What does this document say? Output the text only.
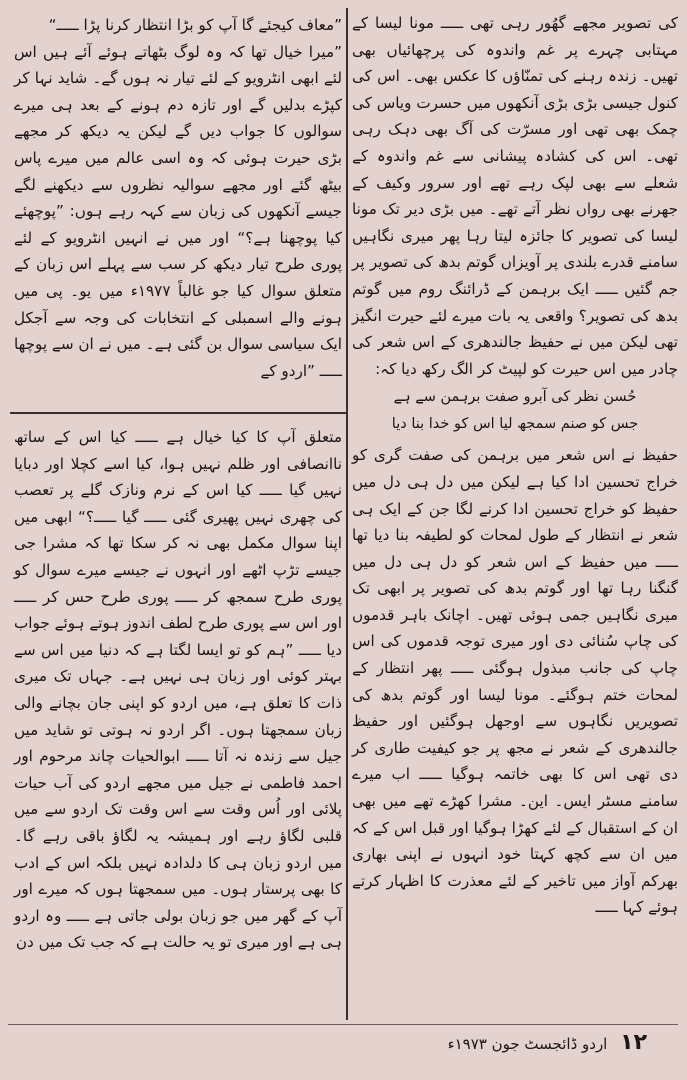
کی تصویر مجھے گھُور رہی تھی ـــــ مونا لیسا کے مہتابی چہرے پر غم واندوہ کی پرچھائیاں بھی تھیں۔ زندہ رہنے کی تمنّاؤں کا عکس بھی۔ اس کی کنول جیسی بڑی بڑی آنکھوں میں حسرت ویاس کی چمک بھی تھی اور مسرّت کی آگ بھی دہک رہی تھی۔ اس کی کشادہ پیشانی سے غم واندوہ کے شعلے سے بھی لپک رہے تھے اور سرور وکیف کے جھرنے بھی رواں نظر آتے تھے۔ میں بڑی دیر تک مونا لیسا کی تصویر کا جائزہ لیتا رہا پھر میری نگاہیں سامنے قدرے بلندی پر آویزاں گوتم بدھ کی تصویر پر جم گئیں ـــــ ایک برہمن کے ڈرائنگ روم میں گوتم بدھ کی تصویر؟ واقعی یہ بات میرے لئے حیرت انگیز تھی لیکن میں نے حفیظ جالندھری کے اس شعر کی چادر میں اس حیرت کو لپیٹ کر الگ رکھ دیا کہ:

حُسن نظر کی آبرو صفت برہمن سے ہے
جس کو صنم سمجھ لیا اس کو خدا بنا دیا

حفیظ نے اس شعر میں برہمن کی صفت گری کو خراج تحسین ادا کیا ہے لیکن میں دل ہی دل میں حفیظ کو خراج تحسین ادا کرنے لگا جن کے ایک ہی شعر نے انتظار کے طول لمحات کو لطیفہ بنا دیا تھا ـــــ میں حفیظ کے اس شعر کو دل ہی دل میں گنگنا رہا تھا اور گوتم بدھ کی تصویر پر ابھی تک میری نگاہیں جمی ہوئی تھیں۔ اچانک باہر قدموں کی چاپ سُنائی دی اور میری توجہ قدموں کی اس چاپ کی جانب مبذول ہوگئی ـــــ پھر انتظار کے لمحات ختم ہوگئے۔ مونا لیسا اور گوتم بدھ کی تصویریں نگاہوں سے اوجھل ہوگئیں اور حفیظ جالندھری کے شعر نے مجھ پر جو کیفیت طاری کر دی تھی اس کا بھی خاتمہ ہوگیا ـــــ اب میرے سامنے مسٹر ایس۔ این۔ مشرا کھڑے تھے میں بھی ان کے استقبال کے لئے کھڑا ہوگیا اور قبل اس کے کہ میں ان سے کچھ کہتا خود انہوں نے اپنی بھاری بھرکم آواز میں تاخیر کے لئے معذرت کا اظہار کرتے ہوئے کہا ـــــ

”معاف کیجئے گا آپ کو بڑا انتظار کرنا پڑا ـــــ“

”میرا خیال تھا کہ وہ لوگ بٹھاتے ہوئے آئے ہیں اس لئے ابھی انٹرویو کے لئے تیار نہ ہوں گے۔ شاید نہا کر کپڑے بدلیں گے اور تازہ دم ہونے کے بعد ہی میرے سوالوں کا جواب دیں گے لیکن یہ دیکھ کر مجھے بڑی حیرت ہوئی کہ وہ اسی عالم میں میرے پاس بیٹھ گئے اور مجھے سوالیہ نظروں سے دیکھنے لگے جیسے آنکھوں کی زبان سے کہہ رہے ہوں: ”پوچھئے کیا پوچھنا ہے؟“ اور میں نے انہیں انٹرویو کے لئے پوری طرح تیار دیکھ کر سب سے پہلے اس زبان کے متعلق سوال کیا جو غالباً ۱۹۷۷ء میں یو۔ پی میں ہونے والے اسمبلی کے انتخابات کی وجہ سے آجکل ایک سیاسی سوال بن گئی ہے۔ میں نے ان سے پوچھا ـــــ ”اردو کے

متعلق آپ کا کیا خیال ہے ـــــ کیا اس کے ساتھ ناانصافی اور ظلم نہیں ہوا، کیا اسے کچلا اور دبایا نہیں گیا ـــــ کیا اس کے نرم ونازک گلے پر تعصب کی چھری نہیں پھیری گئی ـــــ گیا ـــــ؟“ ابھی میں اپنا سوال مکمل بھی نہ کر سکا تھا کہ مشرا جی جیسے تڑپ اٹھے اور انہوں نے جیسے میرے سوال کو پوری طرح سمجھ کر ـــــ پوری طرح حس کر ـــــ اور اس سے پوری طرح لطف اندوز ہوتے ہوئے جواب دیا ـــــ ”ہم کو تو ایسا لگتا ہے کہ دنیا میں اس سے بہتر کوئی اور زبان ہی نہیں ہے۔ جہاں تک میری ذات کا تعلق ہے، میں اردو کو اپنی جان بچانے والی زبان سمجھتا ہوں۔ اگر اردو نہ ہوتی تو شاید میں جیل سے زندہ نہ آتا ـــــ ابوالحیات چاند مرحوم اور احمد فاطمی نے جیل میں مجھے اردو کی آب حیات پلائی اور اُس وقت سے اس وقت تک اردو سے میں قلبی لگاؤ رہے اور ہمیشہ یہ لگاؤ باقی رہے گا۔ میں اردو زبان ہی کا دلدادہ نہیں بلکہ اس کے ادب کا بھی پرستار ہوں۔ میں سمجھتا ہوں کہ میرے اور آپ کے گھر میں جو زبان بولی جاتی ہے ـــــ وہ اردو ہی ہے اور میری تو یہ حالت ہے کہ جب تک میں دن

۱۲ اردو ڈائجسٹ جون ۱۹۷۳ء
